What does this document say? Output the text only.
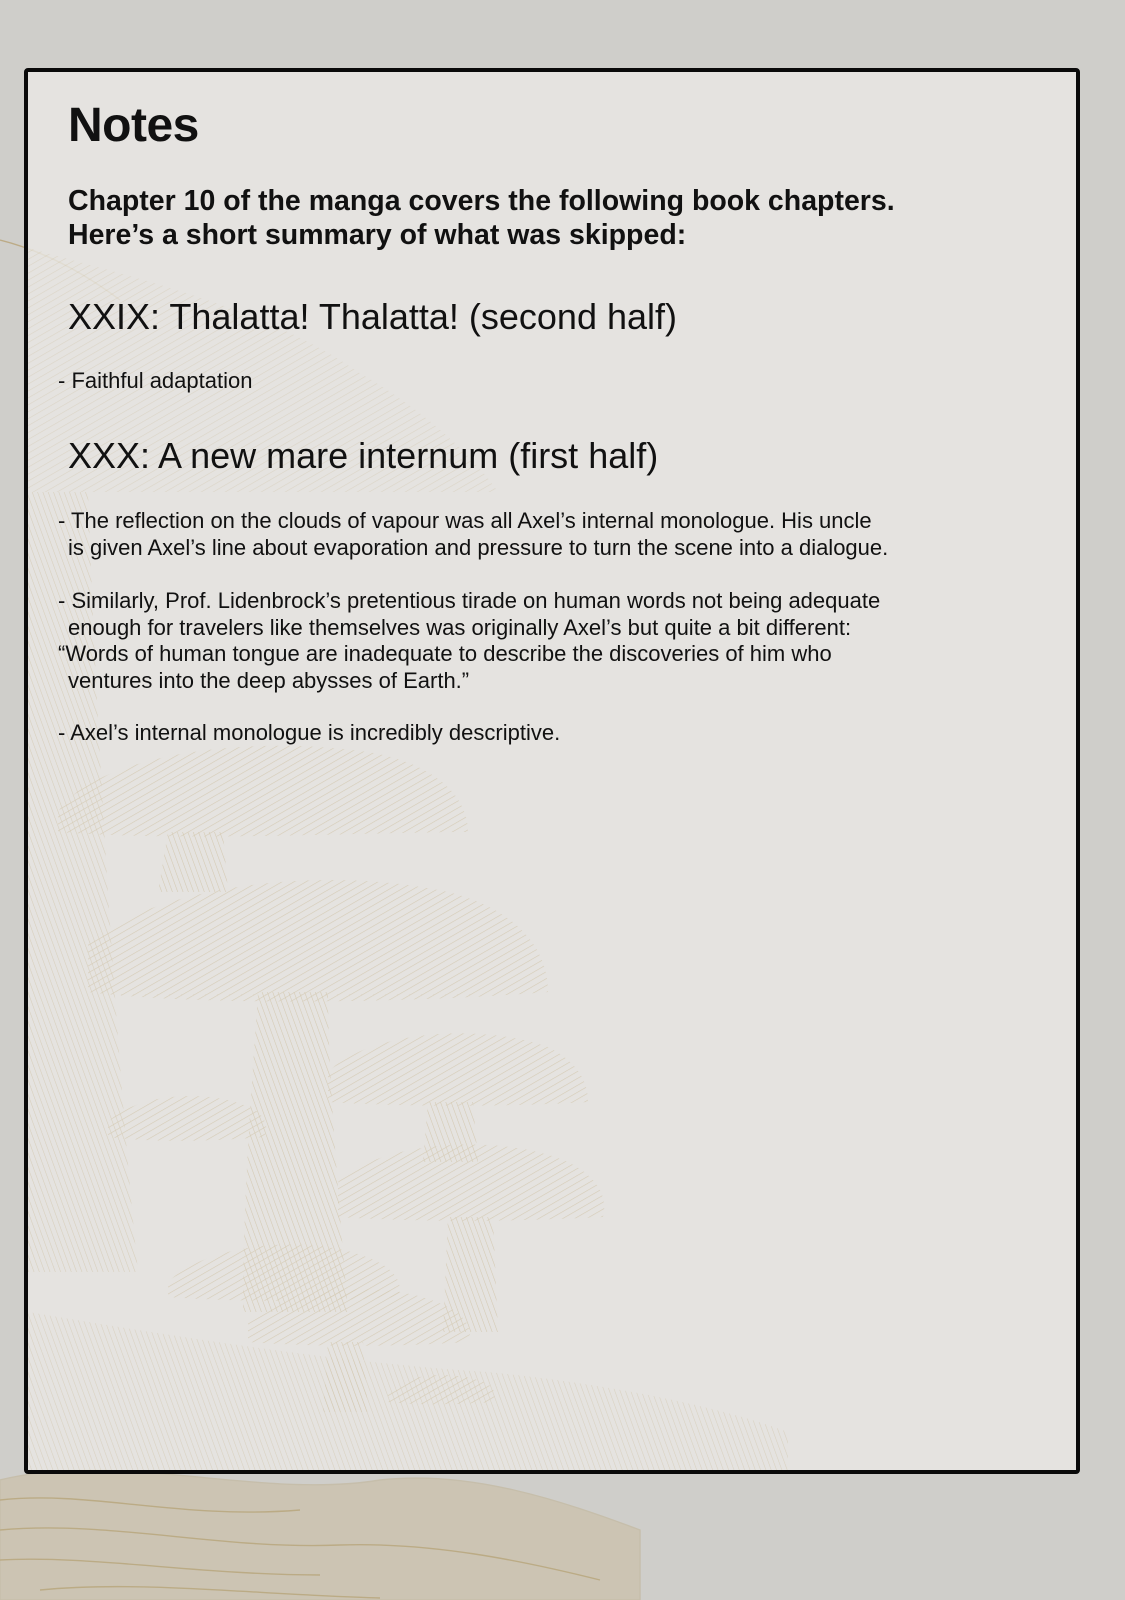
Notes

Chapter 10 of the manga covers the following book chapters.
Here’s a short summary of what was skipped:

XXIX: Thalatta! Thalatta! (second half)

- Faithful adaptation

XXX: A new mare internum (first half)

- The reflection on the clouds of vapour was all Axel’s internal monologue. His uncle
is given Axel’s line about evaporation and pressure to turn the scene into a dialogue.

- Similarly, Prof. Lidenbrock’s pretentious tirade on human words not being adequate
enough for travelers like themselves was originally Axel’s but quite a bit different:
“Words of human tongue are inadequate to describe the discoveries of him who
ventures into the deep abysses of Earth.”

- Axel’s internal monologue is incredibly descriptive.
